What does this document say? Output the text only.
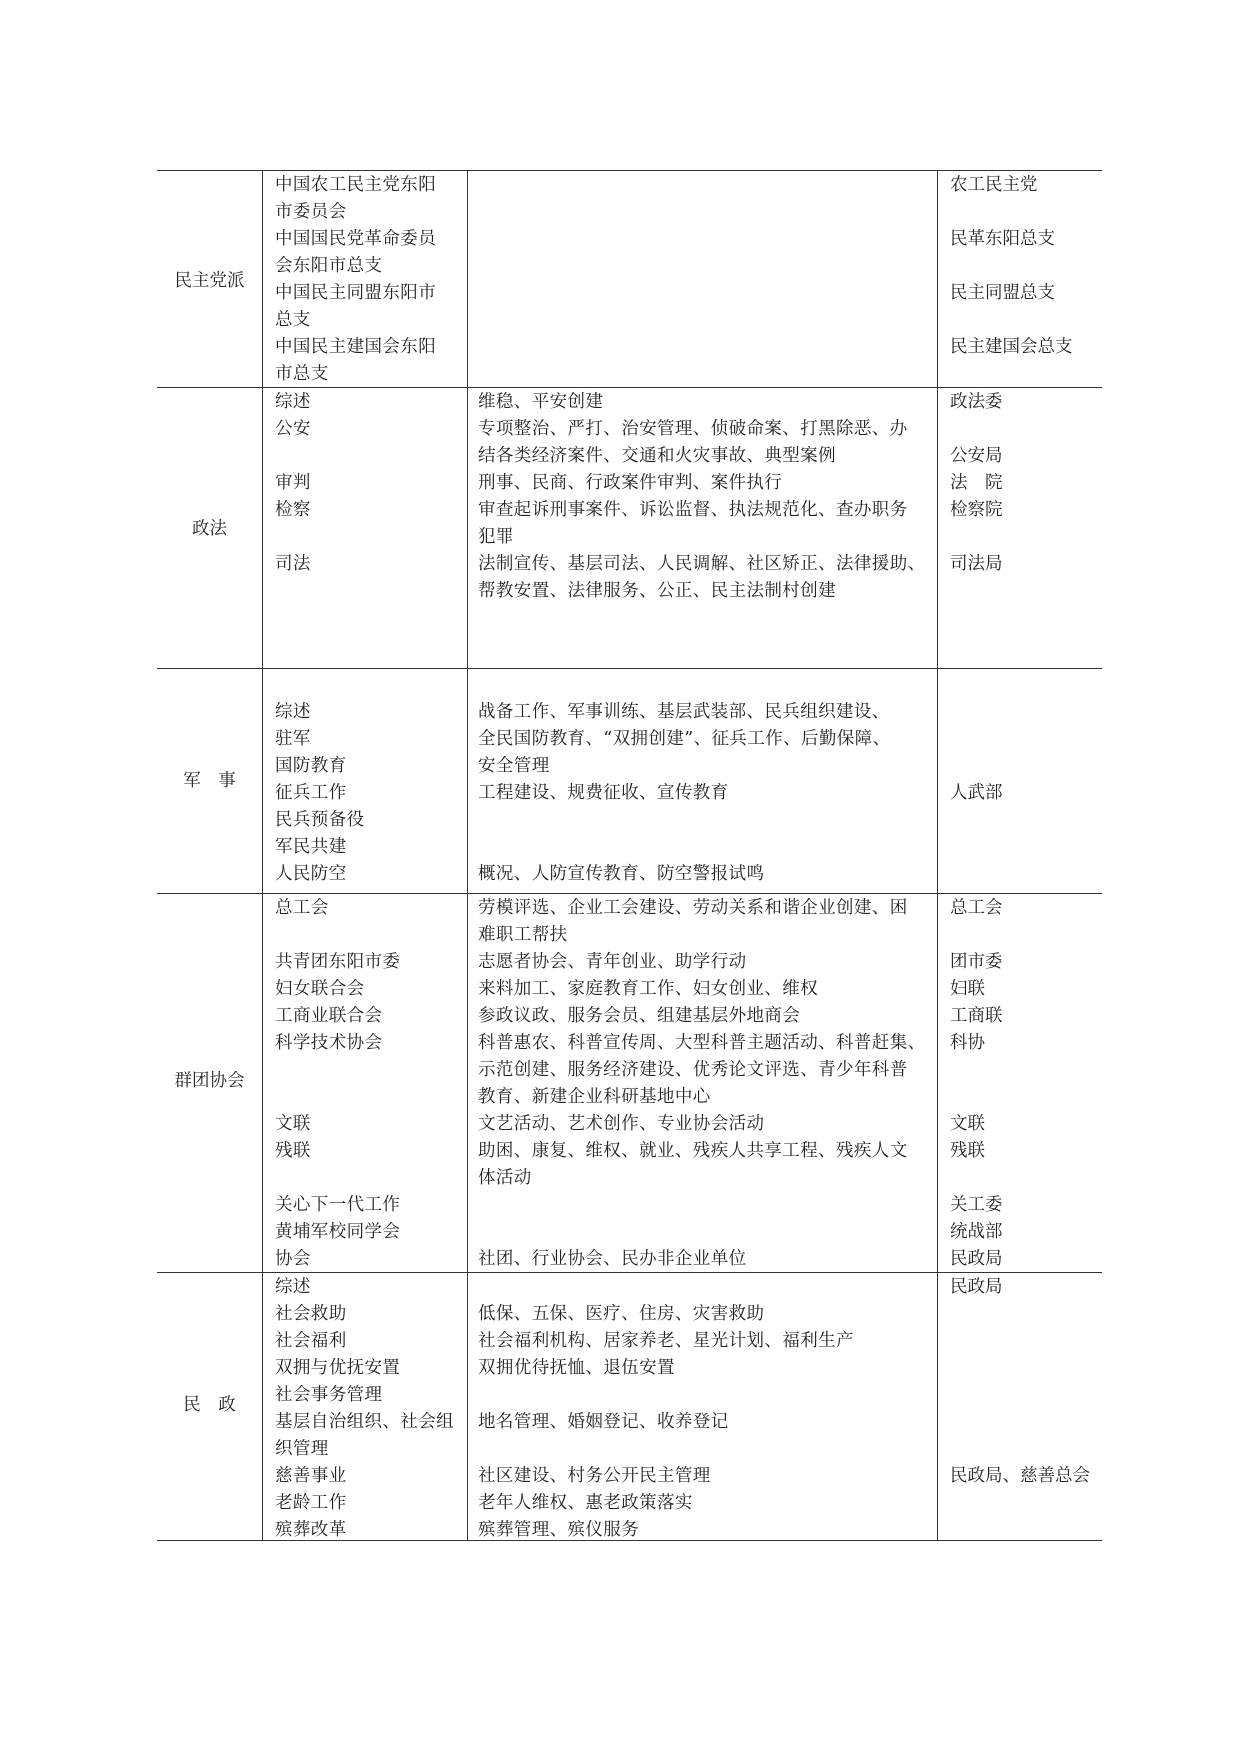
民主党派
中国农工民主党东阳
市委员会
中国国民党革命委员
会东阳市总支
中国民主同盟东阳市
总支
中国民主建国会东阳
市总支
农工民主党
民革东阳总支
民主同盟总支
民主建国会总支
政法
综述
公安
审判
检察
司法
维稳、平安创建
专项整治、严打、治安管理、侦破命案、打黑除恶、办
结各类经济案件、交通和火灾事故、典型案例
刑事、民商、行政案件审判、案件执行
审查起诉刑事案件、诉讼监督、执法规范化、查办职务
犯罪
法制宣传、基层司法、人民调解、社区矫正、法律援助、
帮教安置、法律服务、公正、民主法制村创建
政法委
公安局
法　院
检察院
司法局
军　事
综述
驻军
国防教育
征兵工作
民兵预备役
军民共建
人民防空
战备工作、军事训练、基层武装部、民兵组织建设、
全民国防教育、“双拥创建”、征兵工作、后勤保障、
安全管理
工程建设、规费征收、宣传教育
概况、人防宣传教育、防空警报试鸣
人武部
群团协会
总工会
共青团东阳市委
妇女联合会
工商业联合会
科学技术协会
文联
残联
关心下一代工作
黄埔军校同学会
协会
劳模评选、企业工会建设、劳动关系和谐企业创建、困
难职工帮扶
志愿者协会、青年创业、助学行动
来料加工、家庭教育工作、妇女创业、维权
参政议政、服务会员、组建基层外地商会
科普惠农、科普宣传周、大型科普主题活动、科普赶集、
示范创建、服务经济建设、优秀论文评选、青少年科普
教育、新建企业科研基地中心
文艺活动、艺术创作、专业协会活动
助困、康复、维权、就业、残疾人共享工程、残疾人文
体活动
社团、行业协会、民办非企业单位
总工会
团市委
妇联
工商联
科协
文联
残联
关工委
统战部
民政局
民　政
综述
社会救助
社会福利
双拥与优抚安置
社会事务管理
基层自治组织、社会组
织管理
慈善事业
老龄工作
殡葬改革
低保、五保、医疗、住房、灾害救助
社会福利机构、居家养老、星光计划、福利生产
双拥优待抚恤、退伍安置
地名管理、婚姻登记、收养登记
社区建设、村务公开民主管理
老年人维权、惠老政策落实
殡葬管理、殡仪服务
民政局
民政局、慈善总会
